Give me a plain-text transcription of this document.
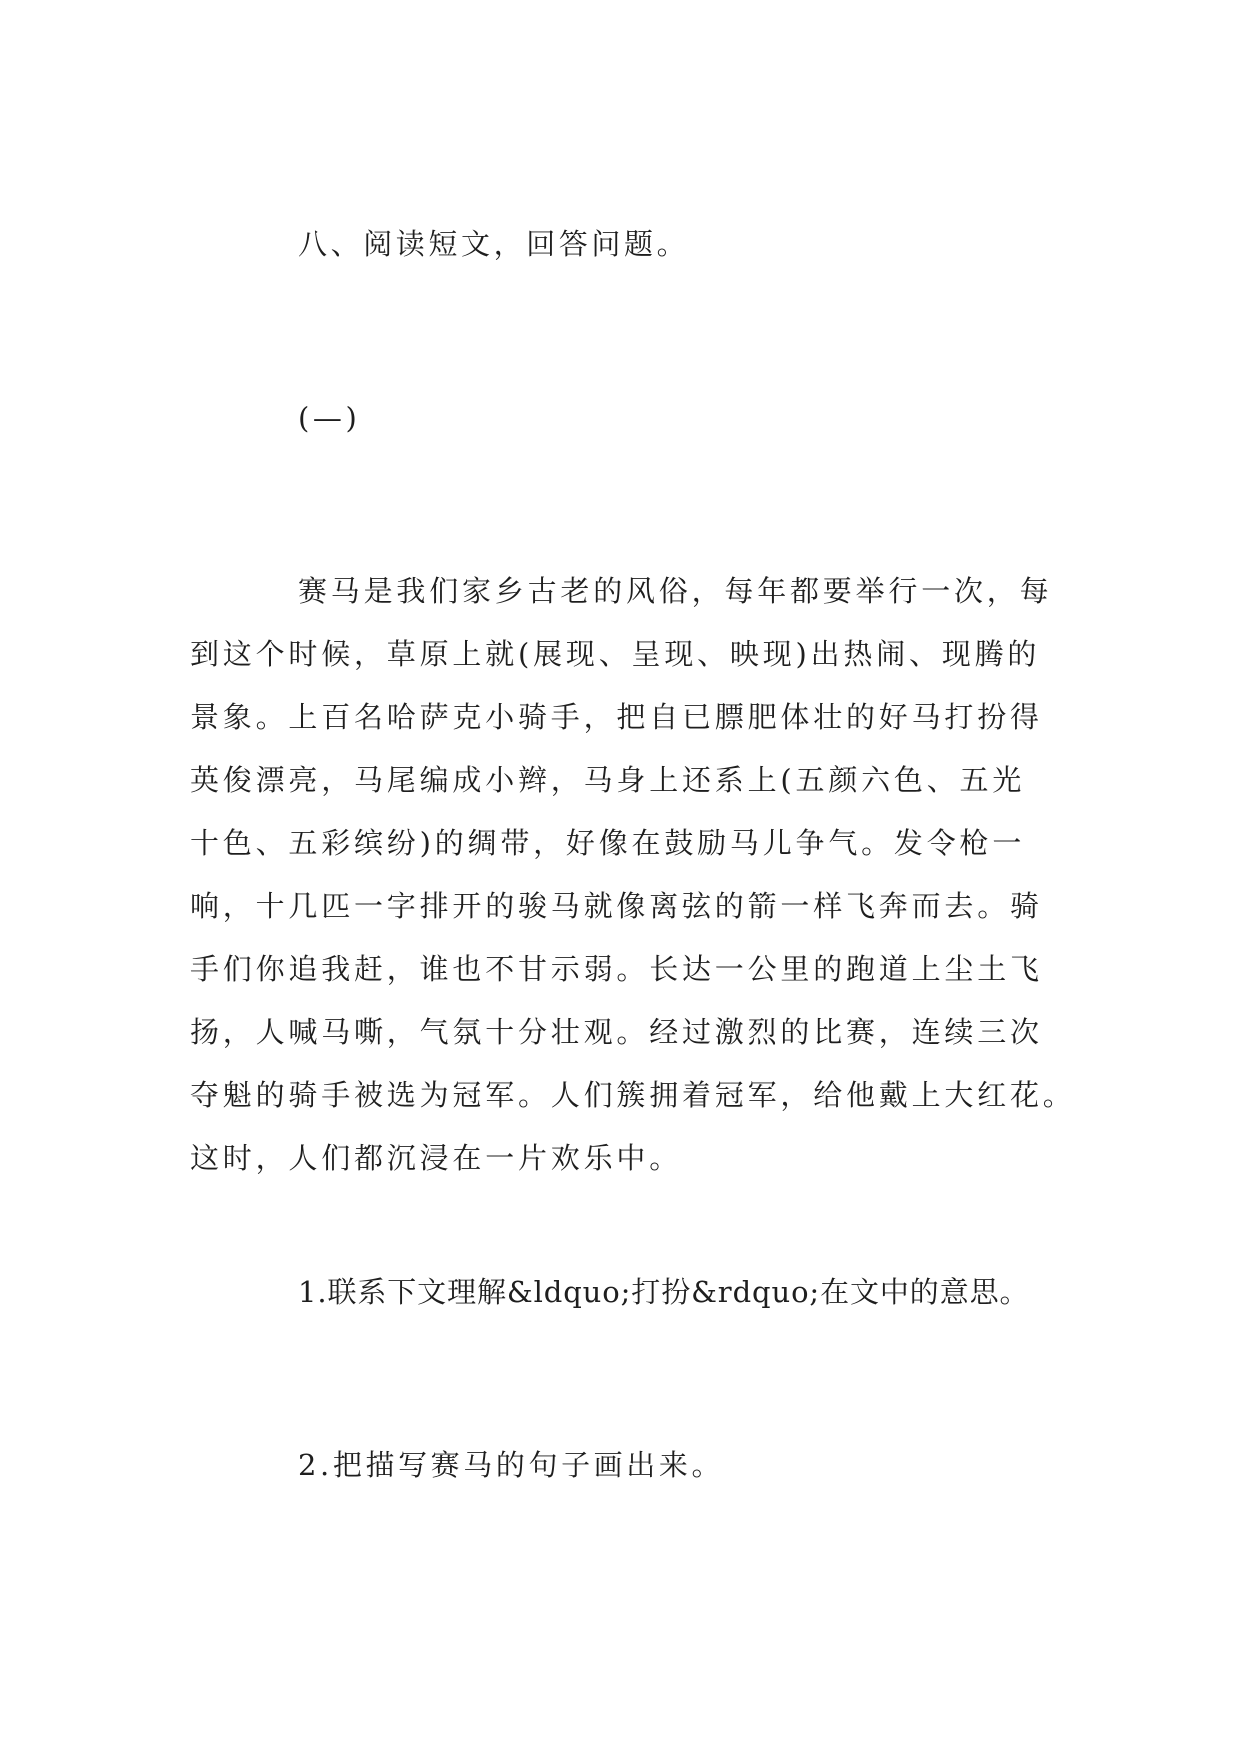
八、阅读短文，回答问题。
(—)
赛马是我们家乡古老的风俗，每年都要举行一次，每
到这个时候，草原上就(展现、呈现、映现)出热闹、现腾的
景象。上百名哈萨克小骑手，把自已膘肥体壮的好马打扮得
英俊漂亮，马尾编成小辫，马身上还系上(五颜六色、五光
十色、五彩缤纷)的绸带，好像在鼓励马儿争气。发令枪一
响，十几匹一字排开的骏马就像离弦的箭一样飞奔而去。骑
手们你追我赶，谁也不甘示弱。长达一公里的跑道上尘土飞
扬，人喊马嘶，气氛十分壮观。经过激烈的比赛，连续三次
夺魁的骑手被选为冠军。人们簇拥着冠军，给他戴上大红花。
这时，人们都沉浸在一片欢乐中。
1.联系下文理解&ldquo;打扮&rdquo;在文中的意思。
2.把描写赛马的句子画出来。
